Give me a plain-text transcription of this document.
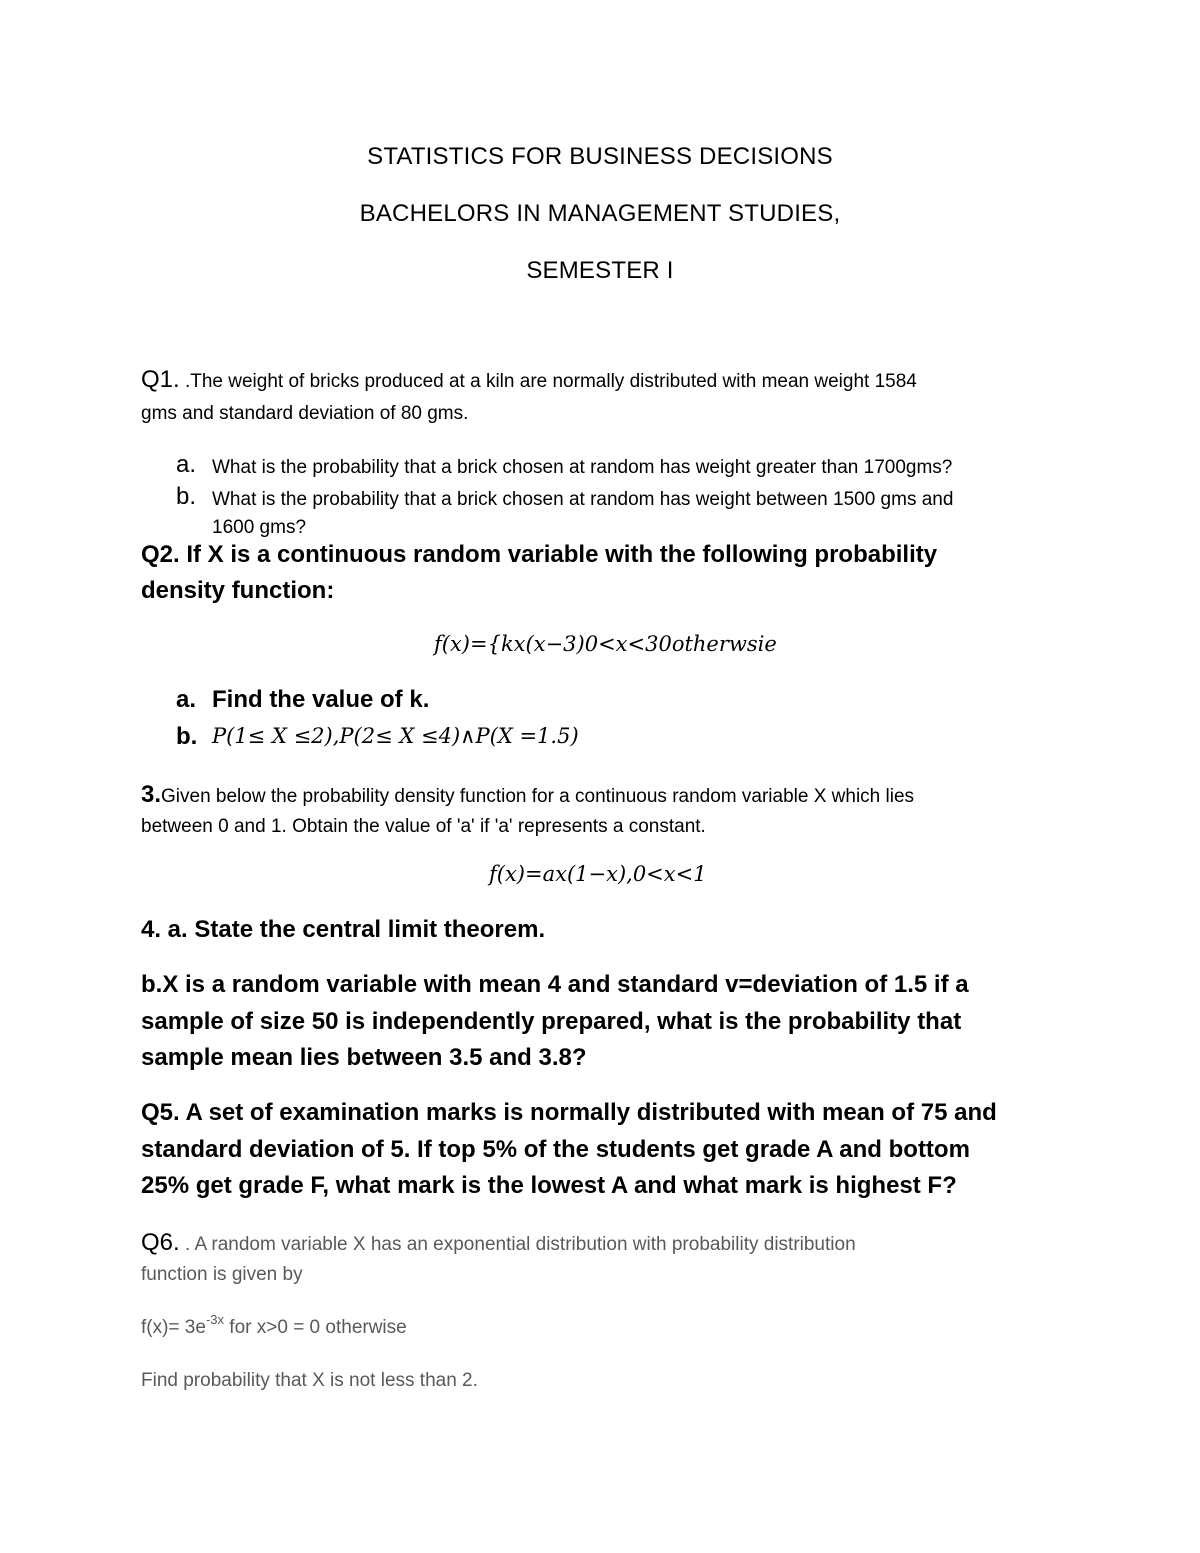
STATISTICS FOR BUSINESS DECISIONS
BACHELORS IN MANAGEMENT STUDIES,
SEMESTER I
Q1. .The weight of bricks produced at a kiln are normally distributed with mean weight 1584
gms and standard deviation of 80 gms.
a. What is the probability that a brick chosen at random has weight greater than 1700gms?
b. What is the probability that a brick chosen at random has weight between 1500 gms and
1600 gms?
Q2. If X is a continuous random variable with the following probability
density function:
f(x)={kx(x−3)0<x<30otherwsie
a. Find the value of k.
b. P(1≤ X ≤2),P(2≤ X ≤4)∧P(X =1.5)
3.Given below the probability density function for a continuous random variable X which lies
between 0 and 1. Obtain the value of 'a' if 'a' represents a constant.
f(x)=ax(1−x),0<x<1
4. a. State the central limit theorem.
b.X is a random variable with mean 4 and standard v=deviation of 1.5 if a
sample of size 50 is independently prepared, what is the probability that
sample mean lies between 3.5 and 3.8?
Q5. A set of examination marks is normally distributed with mean of 75 and
standard deviation of 5. If top 5% of the students get grade A and bottom
25% get grade F, what mark is the lowest A and what mark is highest F?
Q6. . A random variable X has an exponential distribution with probability distribution
function is given by
$f(x)= 3e^{-3x}$ for x>0 = 0 otherwise
Find probability that X is not less than 2.
